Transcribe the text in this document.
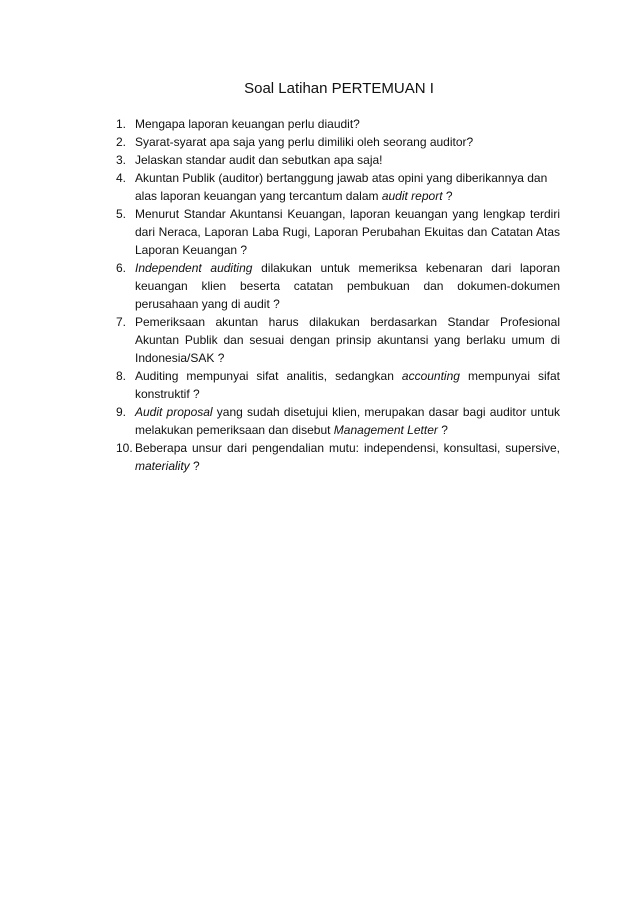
Soal Latihan PERTEMUAN I
1. Mengapa laporan keuangan perlu diaudit?
2. Syarat-syarat apa saja yang perlu dimiliki oleh seorang auditor?
3. Jelaskan standar audit dan sebutkan apa saja!
4. Akuntan Publik (auditor) bertanggung jawab atas opini yang diberikannya dan alas laporan keuangan yang tercantum dalam audit report ?
5. Menurut Standar Akuntansi Keuangan, laporan keuangan yang lengkap terdiri dari Neraca, Laporan Laba Rugi, Laporan Perubahan Ekuitas dan Catatan Atas Laporan Keuangan ?
6. Independent auditing dilakukan untuk memeriksa kebenaran dari laporan keuangan klien beserta catatan pembukuan dan dokumen-dokumen perusahaan yang di audit ?
7. Pemeriksaan akuntan harus dilakukan berdasarkan Standar Profesional Akuntan Publik dan sesuai dengan prinsip akuntansi yang berlaku umum di Indonesia/SAK ?
8. Auditing mempunyai sifat analitis, sedangkan accounting mempunyai sifat konstruktif ?
9. Audit proposal yang sudah disetujui klien, merupakan dasar bagi auditor untuk melakukan pemeriksaan dan disebut Management Letter ?
10. Beberapa unsur dari pengendalian mutu: independensi, konsultasi, supersive, materiality ?
